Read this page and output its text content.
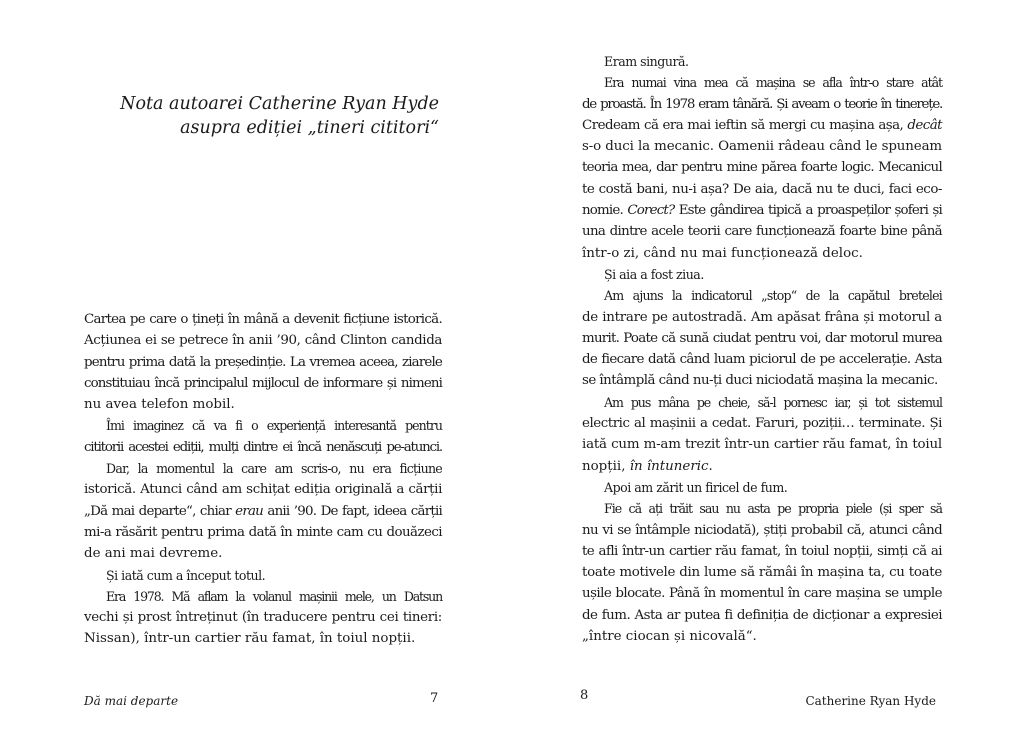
Nota autoarei Catherine Ryan Hyde
asupra ediției „tineri cititori“

Cartea pe care o țineți în mână a devenit ficțiune istorică.
Acțiunea ei se petrece în anii ’90, când Clinton candida
pentru prima dată la președinție. La vremea aceea, ziarele
constituiau încă principalul mijlocul de informare și nimeni
nu avea telefon mobil.

Îmi imaginez că va fi o experiență interesantă pentru
cititorii acestei ediții, mulți dintre ei încă nenăscuți pe-atunci.

Dar, la momentul la care am scris-o, nu era ficțiune
istorică. Atunci când am schițat ediția originală a cărții
„Dă mai departe“, chiar erau anii ’90. De fapt, ideea cărții
mi-a răsărit pentru prima dată în minte cam cu douăzeci
de ani mai devreme.

Și iată cum a început totul.

Era 1978. Mă aflam la volanul mașinii mele, un Datsun
vechi și prost întreținut (în traducere pentru cei tineri:
Nissan), într-un cartier rău famat, în toiul nopții.

Dă mai departe	7

Eram singură.

Era numai vina mea că mașina se afla într-o stare atât
de proastă. În 1978 eram tânără. Și aveam o teorie în tinerețe.
Credeam că era mai ieftin să mergi cu mașina așa, decât
s-o duci la mecanic. Oamenii râdeau când le spuneam
teoria mea, dar pentru mine părea foarte logic. Mecanicul
te costă bani, nu-i așa? De aia, dacă nu te duci, faci eco-
nomie. Corect? Este gândirea tipică a proaspeților șoferi și
una dintre acele teorii care funcționează foarte bine până
într-o zi, când nu mai funcționează deloc.

Și aia a fost ziua.

Am ajuns la indicatorul „stop“ de la capătul bretelei
de intrare pe autostradă. Am apăsat frâna și motorul a
murit. Poate că sună ciudat pentru voi, dar motorul murea
de fiecare dată când luam piciorul de pe accelerație. Asta
se întâmplă când nu-ți duci niciodată mașina la mecanic.

Am pus mâna pe cheie, să-l pornesc iar, și tot sistemul
electric al mașinii a cedat. Faruri, poziții… terminate. Și
iată cum m-am trezit într-un cartier rău famat, în toiul
nopții, în întuneric.

Apoi am zărit un firicel de fum.

Fie că ați trăit sau nu asta pe propria piele (și sper să
nu vi se întâmple niciodată), știți probabil că, atunci când
te afli într-un cartier rău famat, în toiul nopții, simți că ai
toate motivele din lume să rămâi în mașina ta, cu toate
ușile blocate. Până în momentul în care mașina se umple
de fum. Asta ar putea fi definiția de dicționar a expresiei
„între ciocan și nicovală“.

8	Catherine Ryan Hyde
